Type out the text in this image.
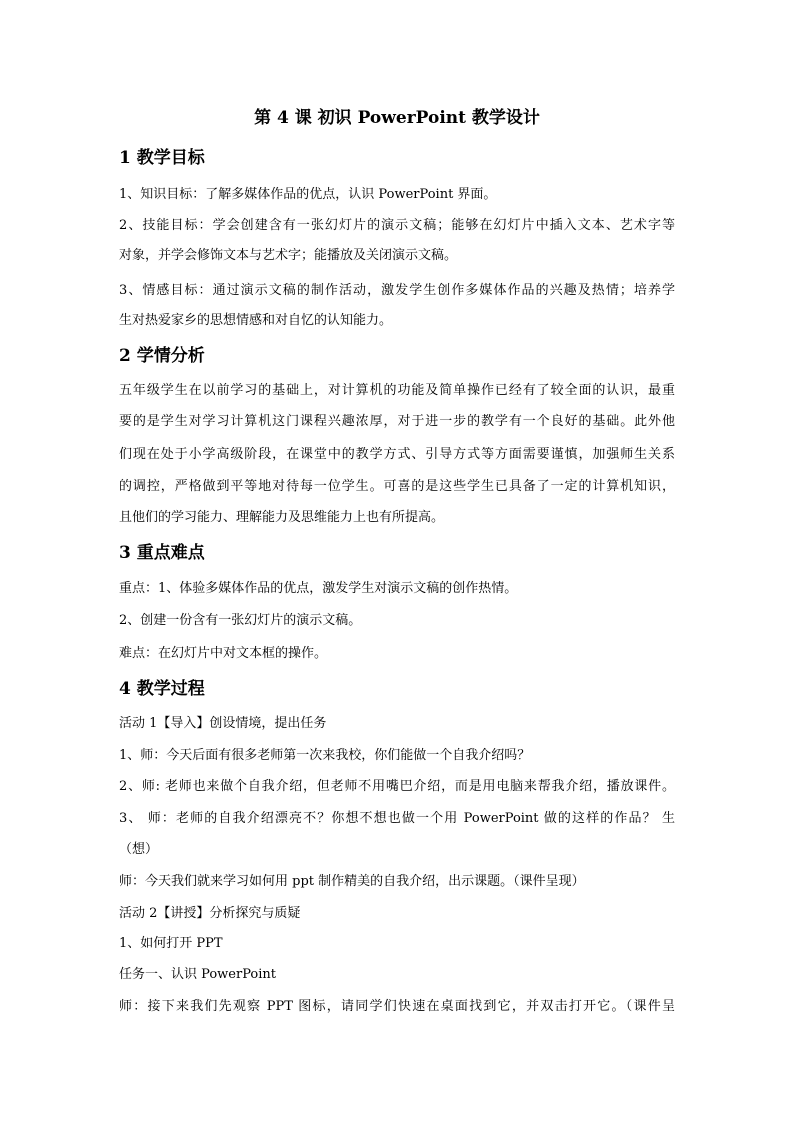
第 4 课 初识 PowerPoint 教学设计
1 教学目标
1、知识目标：了解多媒体作品的优点，认识 PowerPoint 界面。
2、技能目标：学会创建含有一张幻灯片的演示文稿；能够在幻灯片中插入文本、艺术字等
对象，并学会修饰文本与艺术字；能播放及关闭演示文稿。
3、情感目标：通过演示文稿的制作活动，激发学生创作多媒体作品的兴趣及热情；培养学
生对热爱家乡的思想情感和对自忆的认知能力。
2 学情分析
五年级学生在以前学习的基础上，对计算机的功能及简单操作已经有了较全面的认识，最重
要的是学生对学习计算机这门课程兴趣浓厚，对于进一步的教学有一个良好的基础。此外他
们现在处于小学高级阶段，在课堂中的教学方式、引导方式等方面需要谨慎，加强师生关系
的调控，严格做到平等地对待每一位学生。可喜的是这些学生已具备了一定的计算机知识，
且他们的学习能力、理解能力及思维能力上也有所提高。
3 重点难点
重点：1、体验多媒体作品的优点，激发学生对演示文稿的创作热情。
2、创建一份含有一张幻灯片的演示文稿。
难点：在幻灯片中对文本框的操作。
4 教学过程
活动 1【导入】创设情境，提出任务
1、师：今天后面有很多老师第一次来我校，你们能做一个自我介绍吗？
2、师: 老师也来做个自我介绍，但老师不用嘴巴介绍，而是用电脑来帮我介绍，播放课件。
3、 师：老师的自我介绍漂亮不？你想不想也做一个用 PowerPoint 做的这样的作品？ 生
（想）
师：今天我们就来学习如何用 ppt 制作精美的自我介绍，出示课题。（课件呈现）
活动 2【讲授】分析探究与质疑
1、如何打开 PPT
任务一、认识 PowerPoint
师：接下来我们先观察 PPT 图标，请同学们快速在桌面找到它，并双击打开它。（课件呈
